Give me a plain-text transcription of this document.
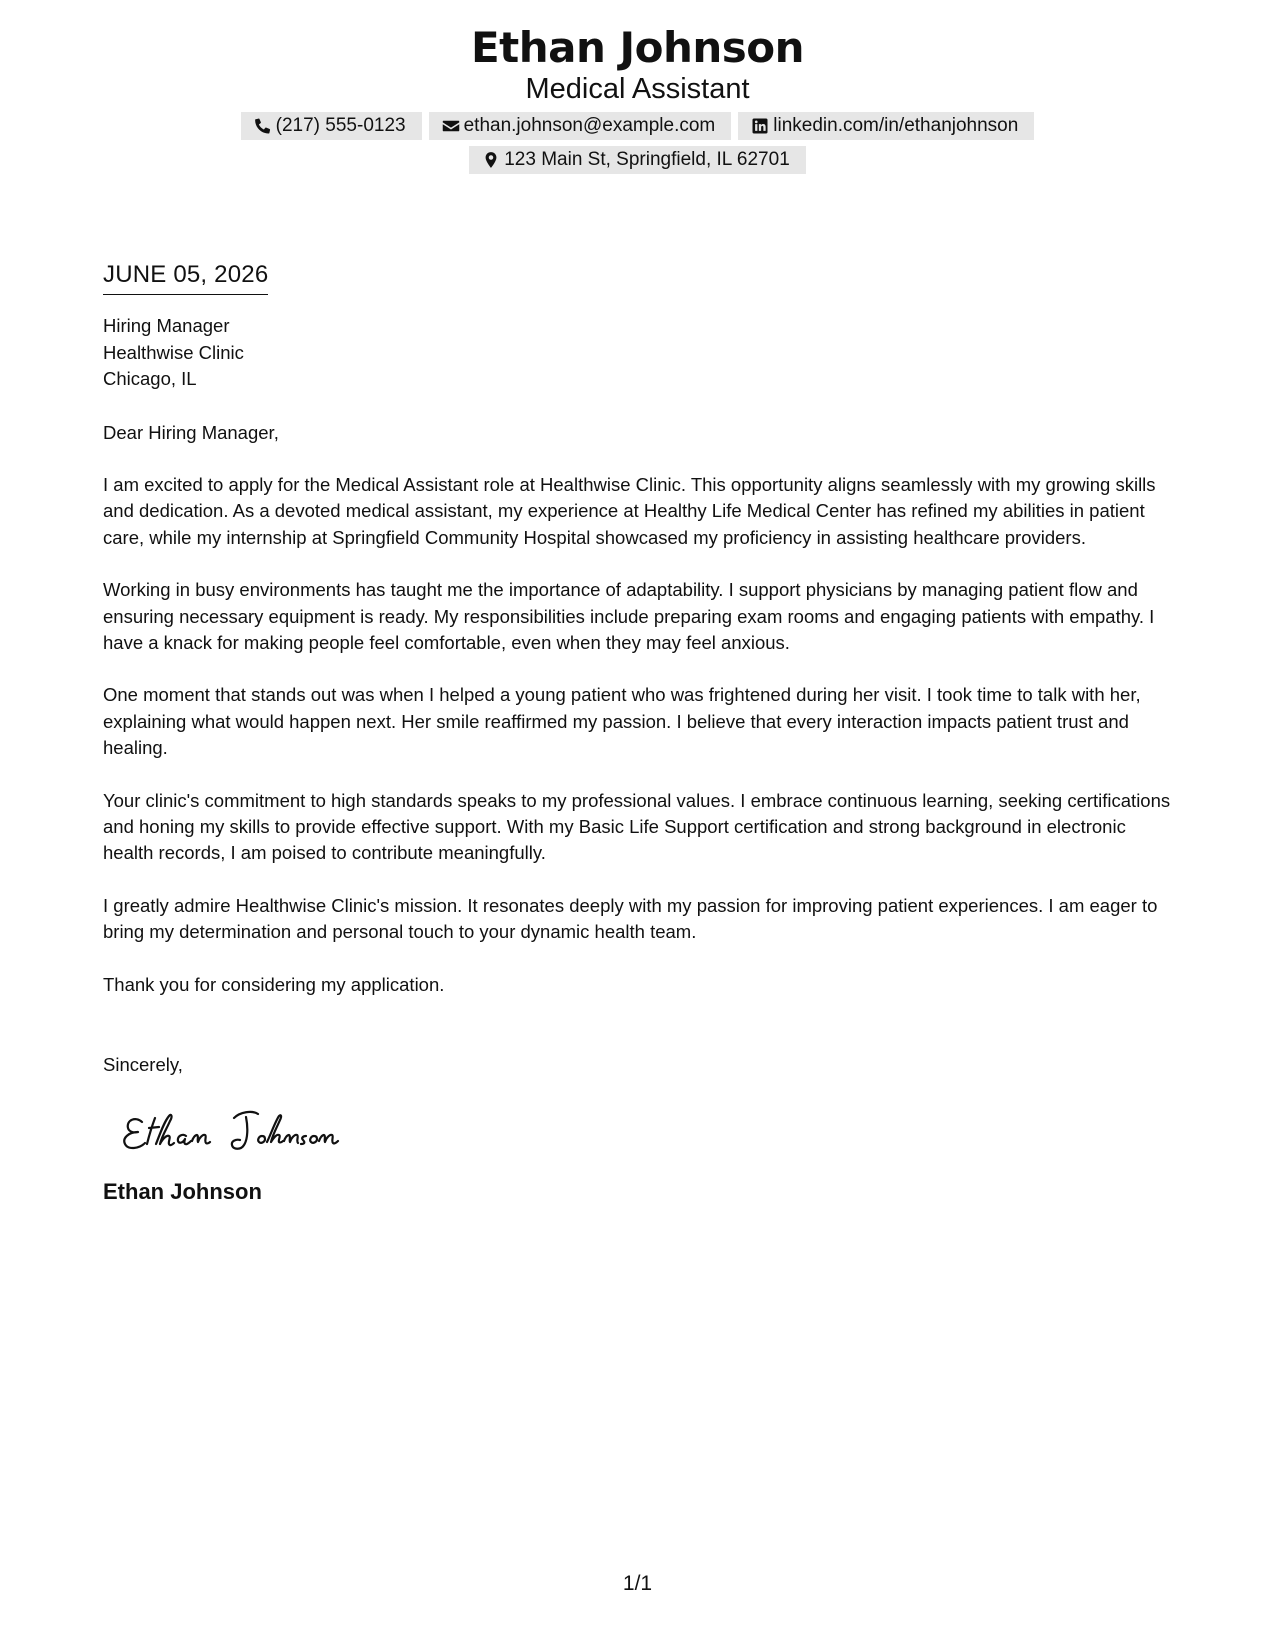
Ethan Johnson
Medical Assistant
(217) 555-0123	ethan.johnson@example.com	linkedin.com/in/ethanjohnson
123 Main St, Springfield, IL 62701
JUNE 05, 2026
Hiring Manager
Healthwise Clinic
Chicago, IL
Dear Hiring Manager,
I am excited to apply for the Medical Assistant role at Healthwise Clinic. This opportunity aligns seamlessly with my growing skills and dedication. As a devoted medical assistant, my experience at Healthy Life Medical Center has refined my abilities in patient care, while my internship at Springfield Community Hospital showcased my proficiency in assisting healthcare providers.
Working in busy environments has taught me the importance of adaptability. I support physicians by managing patient flow and ensuring necessary equipment is ready. My responsibilities include preparing exam rooms and engaging patients with empathy. I have a knack for making people feel comfortable, even when they may feel anxious.
One moment that stands out was when I helped a young patient who was frightened during her visit. I took time to talk with her, explaining what would happen next. Her smile reaffirmed my passion. I believe that every interaction impacts patient trust and healing.
Your clinic's commitment to high standards speaks to my professional values. I embrace continuous learning, seeking certifications and honing my skills to provide effective support. With my Basic Life Support certification and strong background in electronic health records, I am poised to contribute meaningfully.
I greatly admire Healthwise Clinic's mission. It resonates deeply with my passion for improving patient experiences. I am eager to bring my determination and personal touch to your dynamic health team.
Thank you for considering my application.
Sincerely,
Ethan Johnson
1/1
